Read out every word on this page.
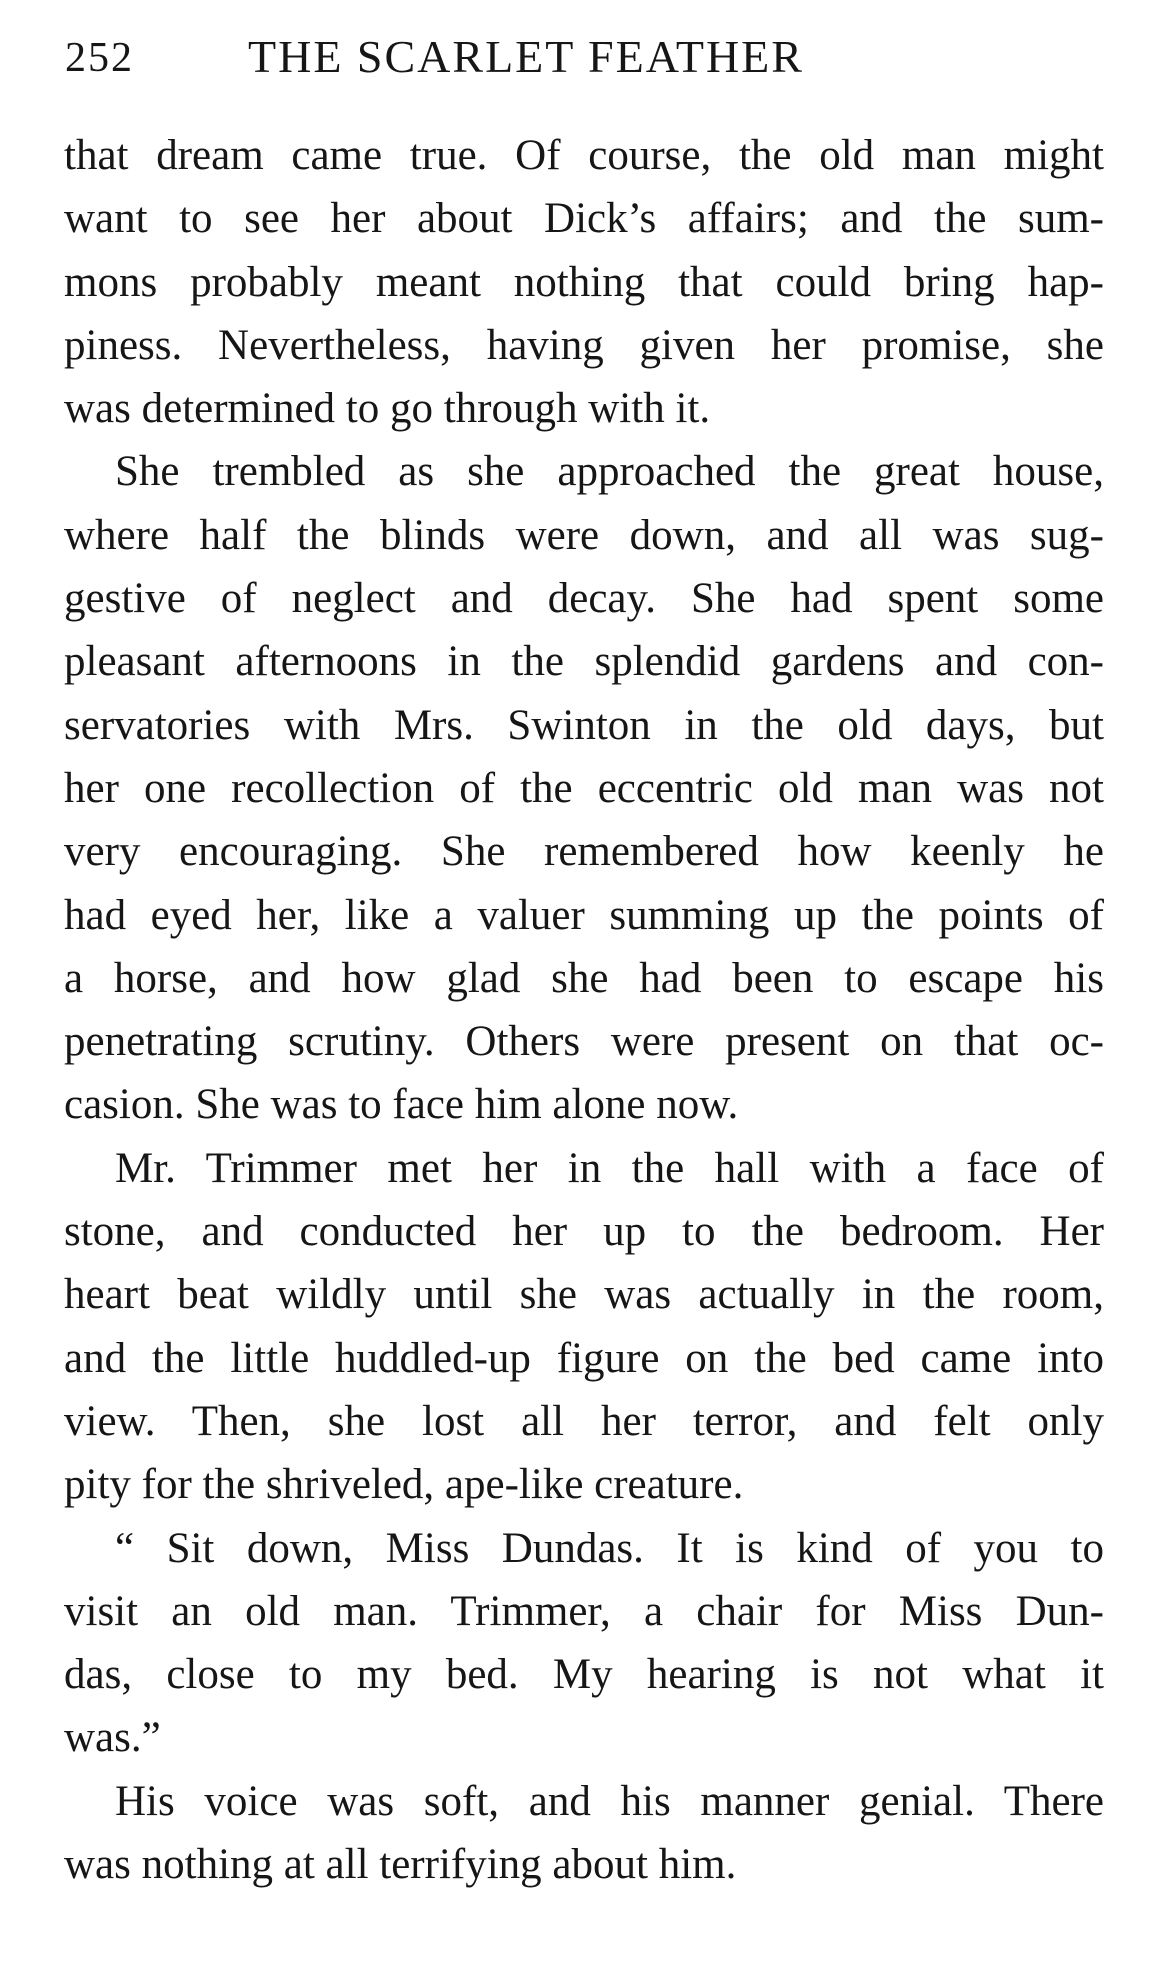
252 THE SCARLET FEATHER
that dream came true. Of course, the old man might
want to see her about Dick’s affairs; and the sum-
mons probably meant nothing that could bring hap-
piness. Nevertheless, having given her promise, she
was determined to go through with it.
She trembled as she approached the great house,
where half the blinds were down, and all was sug-
gestive of neglect and decay. She had spent some
pleasant afternoons in the splendid gardens and con-
servatories with Mrs. Swinton in the old days, but
her one recollection of the eccentric old man was not
very encouraging. She remembered how keenly he
had eyed her, like a valuer summing up the points of
a horse, and how glad she had been to escape his
penetrating scrutiny. Others were present on that oc-
casion. She was to face him alone now.
Mr. Trimmer met her in the hall with a face of
stone, and conducted her up to the bedroom. Her
heart beat wildly until she was actually in the room,
and the little huddled-up figure on the bed came into
view. Then, she lost all her terror, and felt only
pity for the shriveled, ape-like creature.
“ Sit down, Miss Dundas. It is kind of you to
visit an old man. Trimmer, a chair for Miss Dun-
das, close to my bed. My hearing is not what it
was.”
His voice was soft, and his manner genial. There
was nothing at all terrifying about him.
